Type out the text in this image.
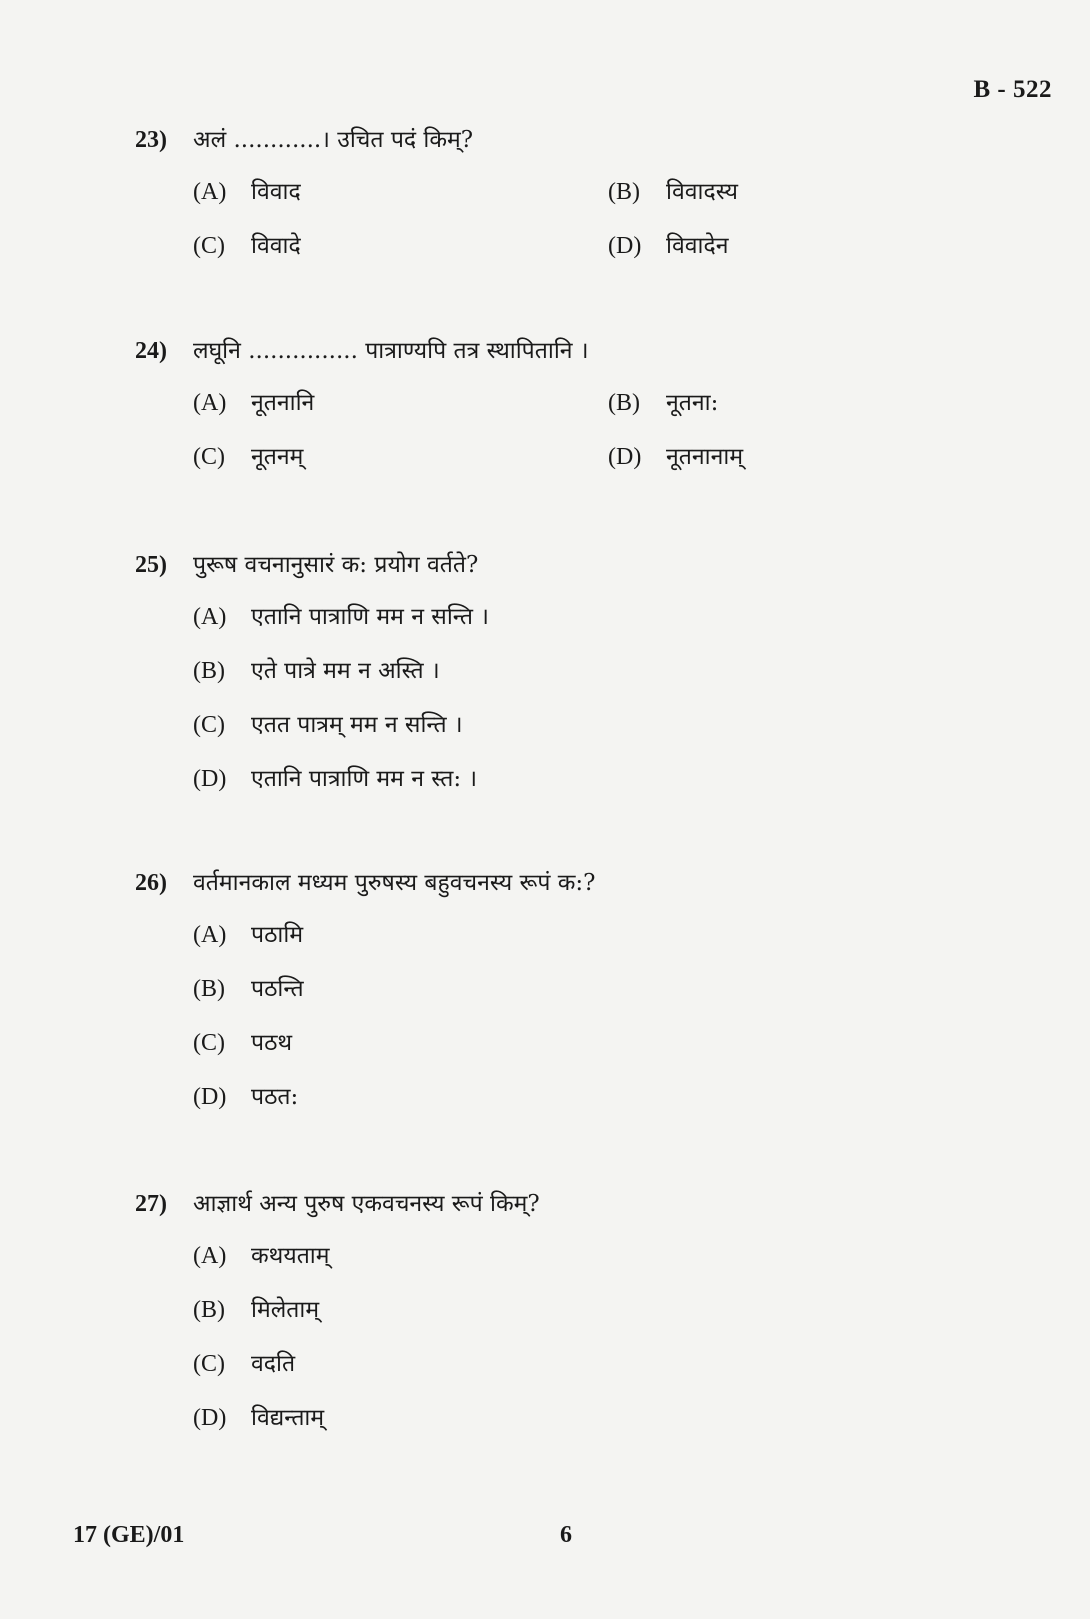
B - 522
23)	अलं ............। उचित पदं किम्?
(A)	विवाद	(B)	विवादस्य
(C)	विवादे	(D)	विवादेन
24)	लघूनि ............... पात्राण्यपि तत्र स्थापितानि ।
(A)	नूतनानि	(B)	नूतना:
(C)	नूतनम्	(D)	नूतनानाम्
25)	पुरूष वचनानुसारं क: प्रयोग वर्तते?
(A)	एतानि पात्राणि मम न सन्ति ।
(B)	एते पात्रे मम न अस्ति ।
(C)	एतत पात्रम् मम न सन्ति ।
(D)	एतानि पात्राणि मम न स्त: ।
26)	वर्तमानकाल मध्यम पुरुषस्य बहुवचनस्य रूपं क:?
(A)	पठामि
(B)	पठन्ति
(C)	पठथ
(D)	पठत:
27)	आज्ञार्थ अन्य पुरुष एकवचनस्य रूपं किम्?
(A)	कथयताम्
(B)	मिलेताम्
(C)	वदति
(D)	विद्यन्ताम्
17 (GE)/01	6
